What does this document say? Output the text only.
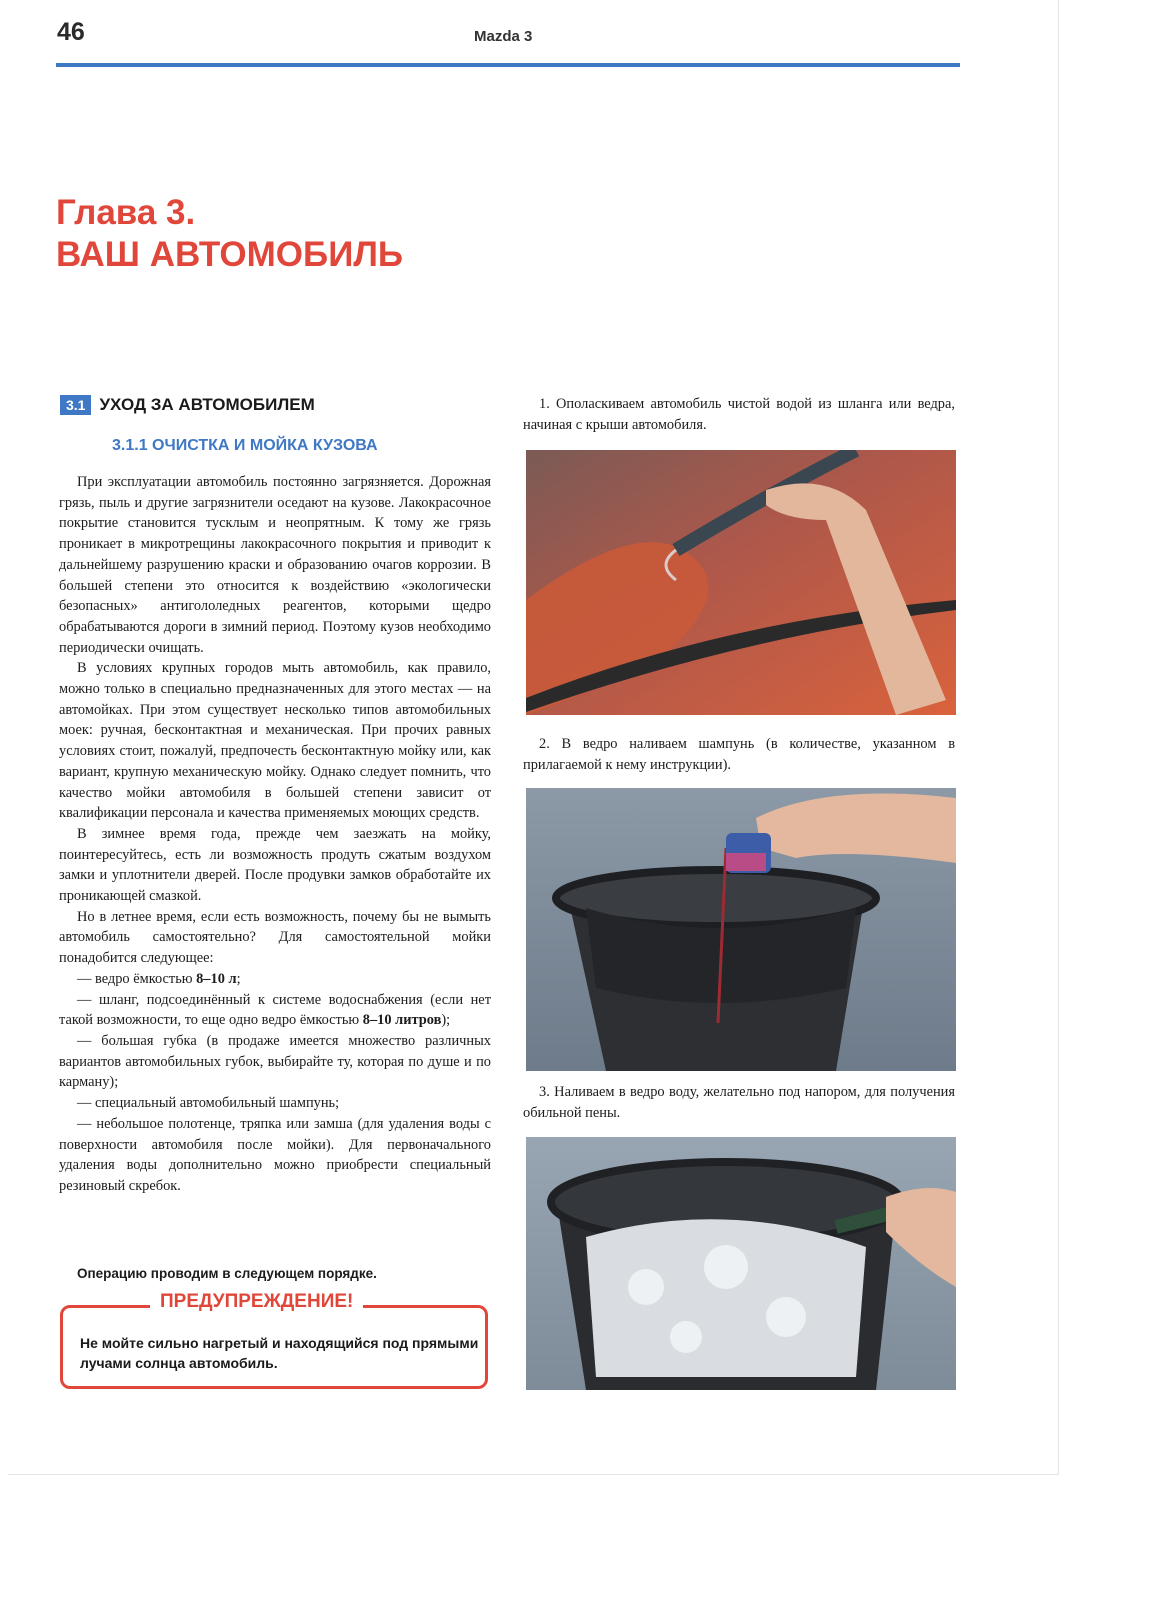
46	Mazda 3
Глава 3.
ВАШ АВТОМОБИЛЬ
3.1 УХОД ЗА АВТОМОБИЛЕМ
3.1.1 ОЧИСТКА И МОЙКА КУЗОВА

При эксплуатации автомобиль постоянно загрязняется. Дорожная грязь, пыль и другие загрязнители оседают на кузове. Лакокрасочное покрытие становится тусклым и неопрятным. К тому же грязь проникает в микротрещины лакокрасочного покрытия и приводит к дальнейшему разрушению краски и образованию очагов коррозии. В большей степени это относится к воздействию «экологически безопасных» антигололедных реагентов, которыми щедро обрабатываются дороги в зимний период. Поэтому кузов необходимо периодически очищать.

В условиях крупных городов мыть автомобиль, как правило, можно только в специально предназначенных для этого местах — на автомойках. При этом существует несколько типов автомобильных моек: ручная, бесконтактная и механическая. При прочих равных условиях стоит, пожалуй, предпочесть бесконтактную мойку или, как вариант, крупную механическую мойку. Однако следует помнить, что качество мойки автомобиля в большей степени зависит от квалификации персонала и качества применяемых моющих средств.

В зимнее время года, прежде чем заезжать на мойку, поинтересуйтесь, есть ли возможность продуть сжатым воздухом замки и уплотнители дверей. После продувки замков обработайте их проникающей смазкой.

Но в летнее время, если есть возможность, почему бы не вымыть автомобиль самостоятельно? Для самостоятельной мойки понадобится следующее:

— ведро ёмкостью 8–10 л;

— шланг, подсоединённый к системе водоснабжения (если нет такой возможности, то еще одно ведро ёмкостью 8–10 литров);

— большая губка (в продаже имеется множество различных вариантов автомобильных губок, выбирайте ту, которая по душе и по карману);

— специальный автомобильный шампунь;

— небольшое полотенце, тряпка или замша (для удаления воды с поверхности автомобиля после мойки). Для первоначального удаления воды дополнительно можно приобрести специальный резиновый скребок.

Операцию проводим в следующем порядке.
ПРЕДУПРЕЖДЕНИЕ!
Не мойте сильно нагретый и находящийся под прямыми лучами солнца автомобиль.
1. Ополаскиваем автомобиль чистой водой из шланга или ведра, начиная с крыши автомобиля.
2. В ведро наливаем шампунь (в количестве, указанном в прилагаемой к нему инструкции).
3. Наливаем в ведро воду, желательно под напором, для получения обильной пены.
